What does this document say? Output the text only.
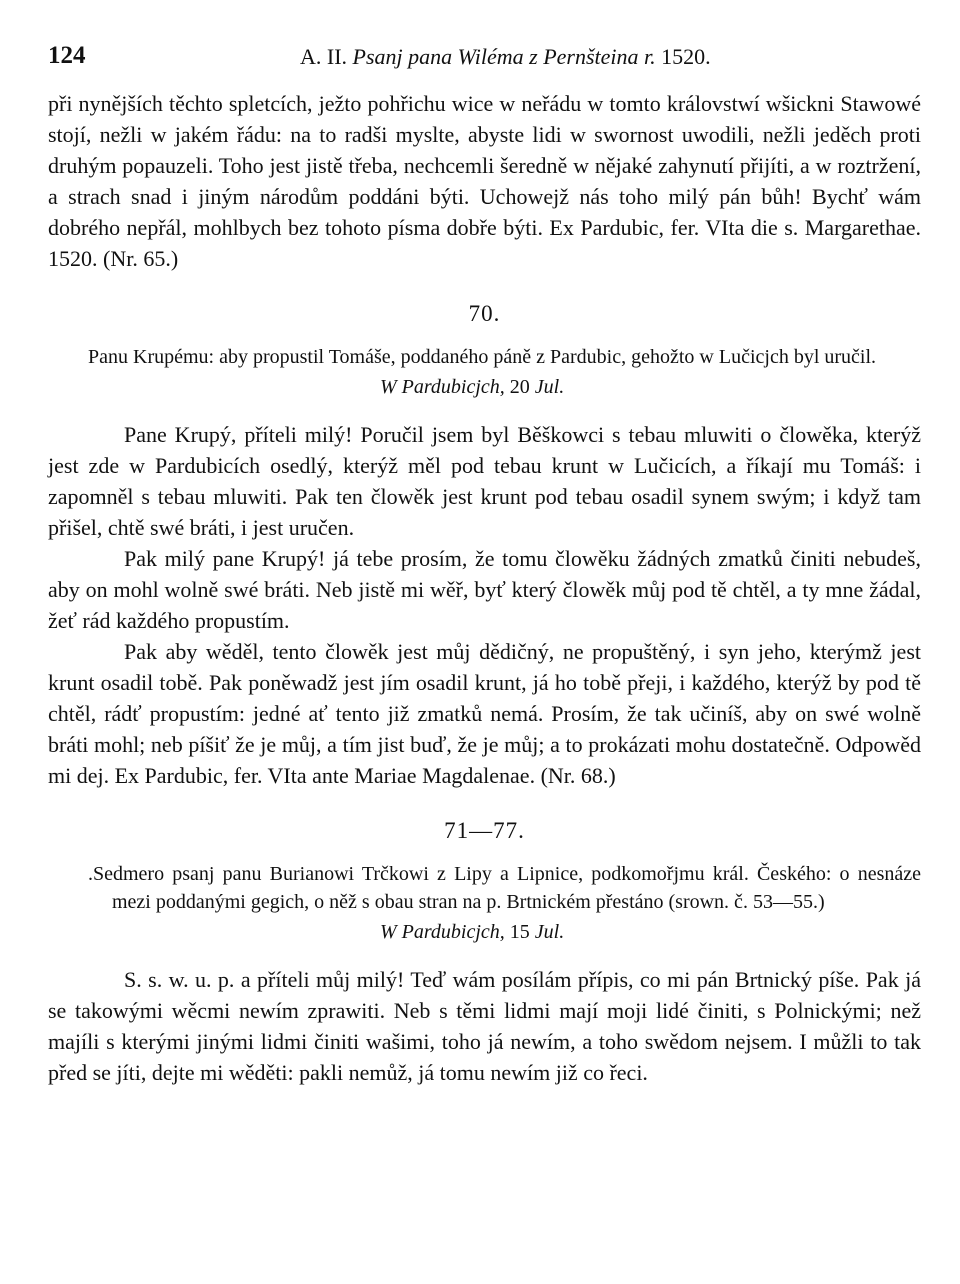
124	A. II. Psanj pana Wiléma z Pernšteina r. 1520.

při nynějších těchto spletcích, ježto pohřichu wice w neřádu w tomto královstwí wšickni Stawowé stojí, nežli w jakém řádu: na to radši myslte, abyste lidi w swornost uwodili, nežli jeděch proti druhým popauzeli. Toho jest jistě třeba, nechcemli šeredně w nějaké zahynutí přijíti, a w roztržení, a strach snad i jiným národům poddáni býti. Uchowejž nás toho milý pán bůh! Bychť wám dobrého nepřál, mohlbych bez tohoto písma dobře býti. Ex Pardubic, fer. VIta die s. Margarethae. 1520. (Nr. 65.)

70.

Panu Krupému: aby propustil Tomáše, poddaného páně z Pardubic, gehožto w Lučicjch byl uručil.

W Pardubicjch, 20 Jul.

Pane Krupý, příteli milý! Poručil jsem byl Běškowci s tebau mluwiti o člowěka, kterýž jest zde w Pardubicích osedlý, kterýž měl pod tebau krunt w Lučicích, a říkají mu Tomáš: i zapomněl s tebau mluwiti. Pak ten člowěk jest krunt pod tebau osadil synem swým; i když tam přišel, chtě swé bráti, i jest uručen.

Pak milý pane Krupý! já tebe prosím, že tomu člowěku žádných zmatků činiti nebudeš, aby on mohl wolně swé bráti. Neb jistě mi wěř, byť který člowěk můj pod tě chtěl, a ty mne žádal, žeť rád každého propustím.

Pak aby wěděl, tento člowěk jest můj dědičný, ne propuštěný, i syn jeho, kterýmž jest krunt osadil tobě. Pak poněwadž jest jím osadil krunt, já ho tobě přeji, i každého, kterýž by pod tě chtěl, rádť propustím: jedné ať tento již zmatků nemá. Prosím, že tak učiníš, aby on swé wolně bráti mohl; neb píšiť že je můj, a tím jist buď, že je můj; a to prokázati mohu dostatečně. Odpowěd mi dej. Ex Pardubic, fer. VIta ante Mariae Magdalenae. (Nr. 68.)

71—77.

.Sedmero psanj panu Burianowi Trčkowi z Lipy a Lipnice, podkomořjmu král. Českého: o nesnáze mezi poddanými gegich, o něž s obau stran na p. Brtnickém přestáno (srown. č. 53—55.)

W Pardubicjch, 15 Jul.

S. s. w. u. p. a příteli můj milý! Teď wám posílám přípis, co mi pán Brtnický píše. Pak já se takowými wěcmi newím zprawiti. Neb s těmi lidmi mají moji lidé činiti, s Polnickými; než majíli s kterými jinými lidmi činiti wašimi, toho já newím, a toho swědom nejsem. I můžli to tak před se jíti, dejte mi wěděti: pakli nemůž, já tomu newím již co řeci.
